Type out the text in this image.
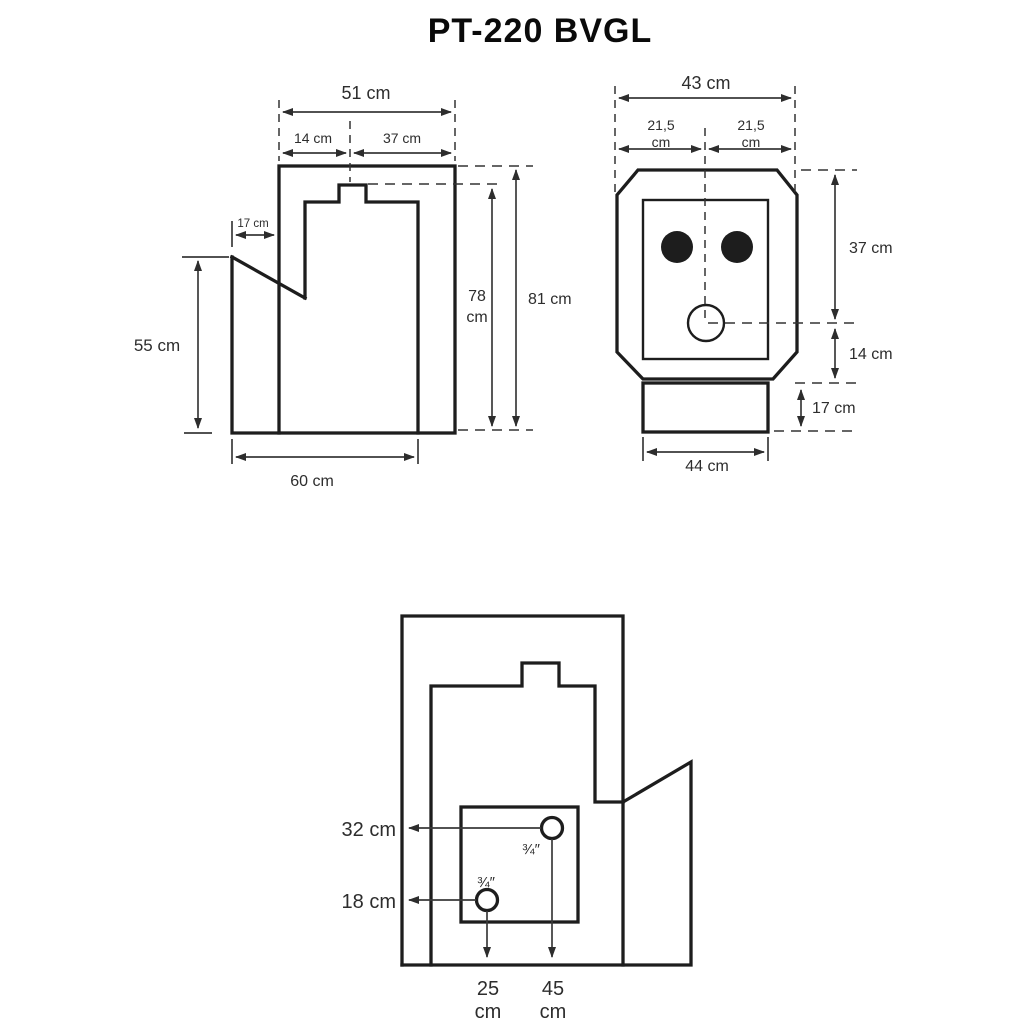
PT-220 BVGL
51 cm
14 cm	37 cm
17 cm
55 cm
78
cm
81 cm
60 cm
43 cm
21,5
cm
21,5
cm
37 cm
14 cm
17 cm
44 cm
32 cm
18 cm
¾″
¾″
25
cm
45
cm
